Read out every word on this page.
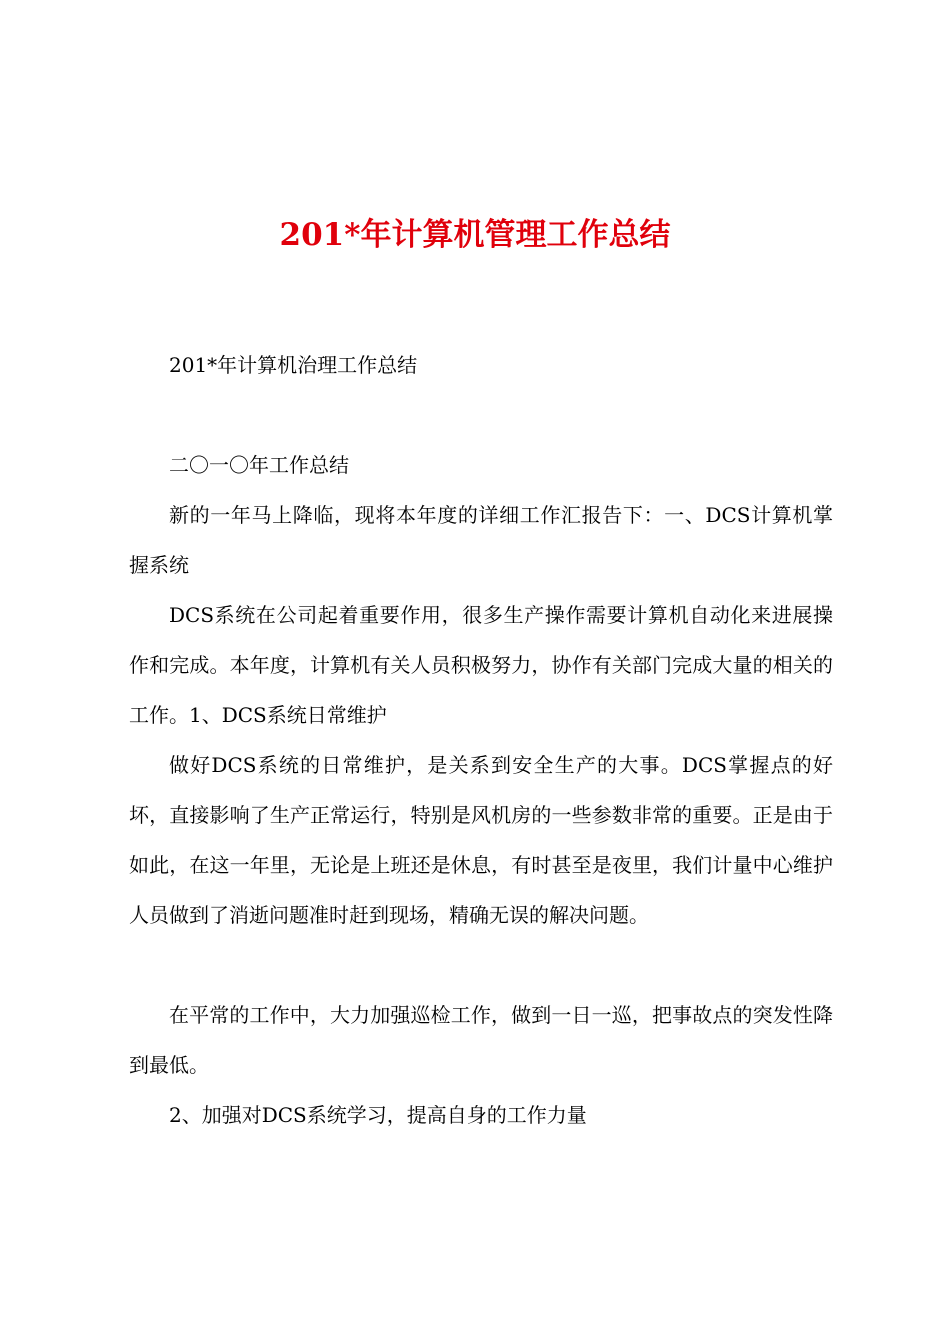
201*年计算机管理工作总结

201*年计算机治理工作总结

二〇一〇年工作总结

新的一年马上降临，现将本年度的详细工作汇报告下：一、DCS计算机掌握系统

DCS系统在公司起着重要作用，很多生产操作需要计算机自动化来进展操作和完成。本年度，计算机有关人员积极努力，协作有关部门完成大量的相关的工作。1、DCS系统日常维护

做好DCS系统的日常维护，是关系到安全生产的大事。DCS掌握点的好坏，直接影响了生产正常运行，特别是风机房的一些参数非常的重要。正是由于如此，在这一年里，无论是上班还是休息，有时甚至是夜里，我们计量中心维护人员做到了消逝问题准时赶到现场，精确无误的解决问题。

在平常的工作中，大力加强巡检工作，做到一日一巡，把事故点的突发性降到最低。

2、加强对DCS系统学习，提高自身的工作力量
